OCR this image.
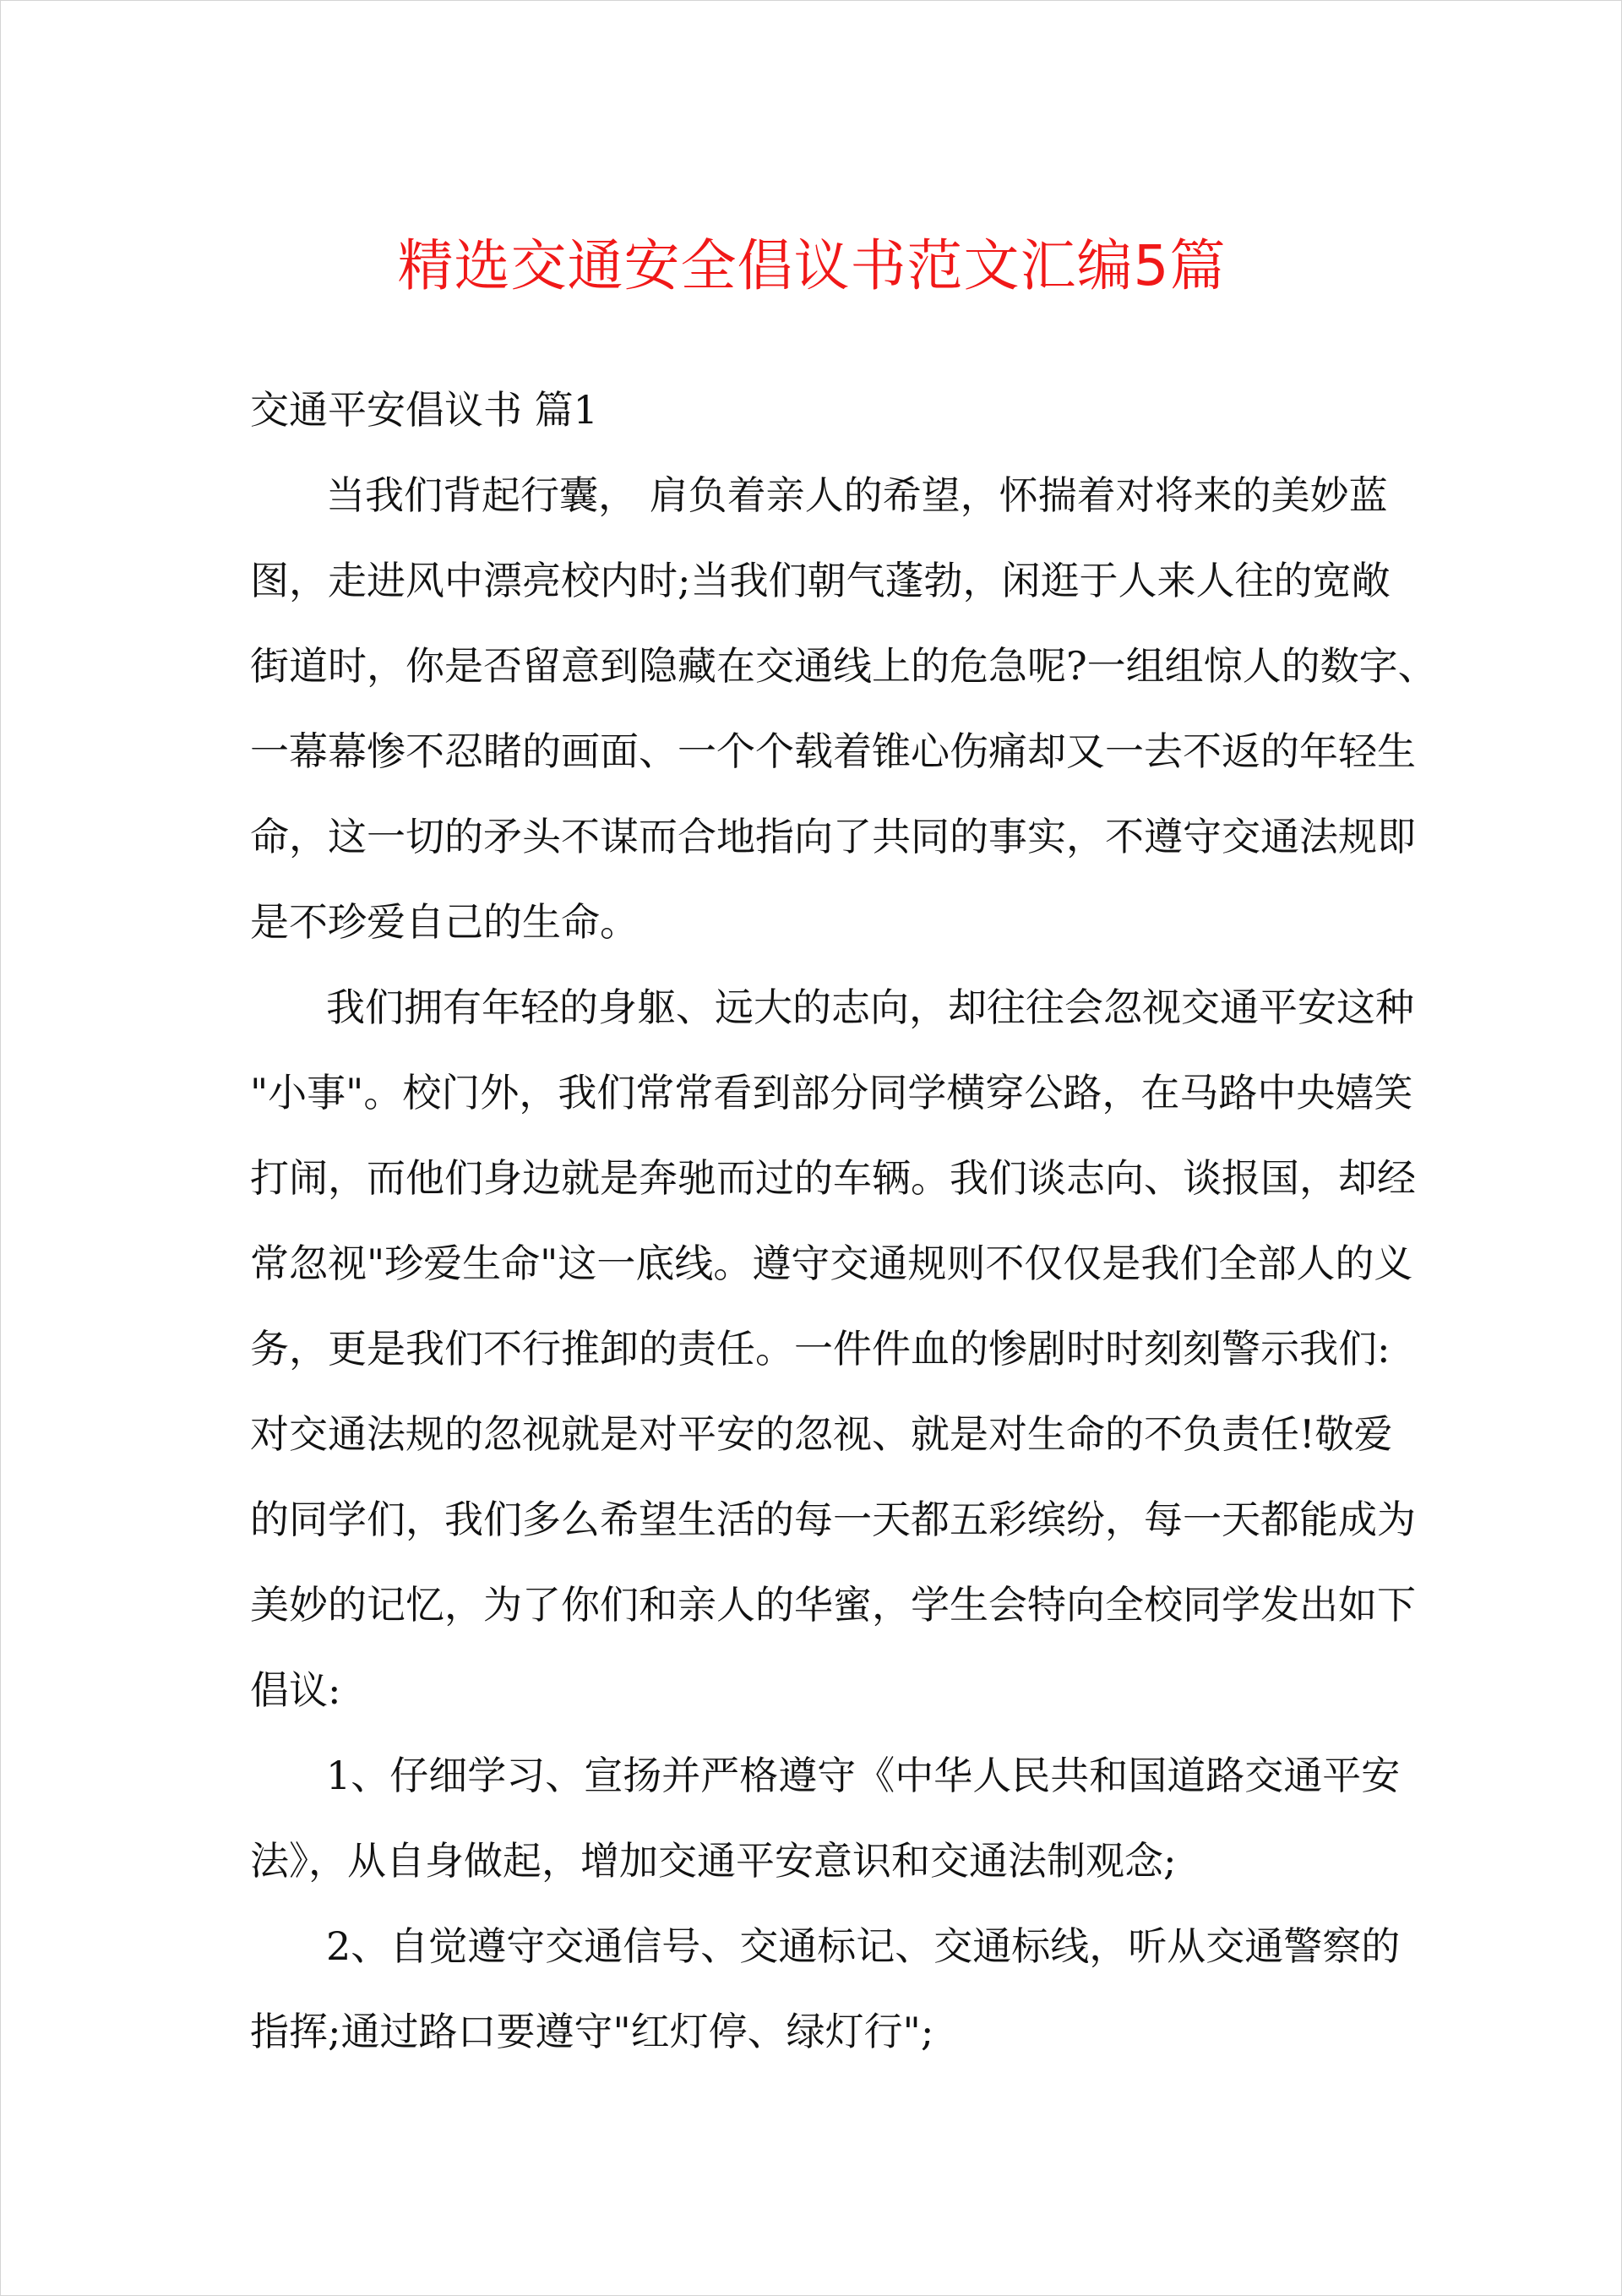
精选交通安全倡议书范文汇编5篇
交通平安倡议书 篇1
当我们背起行囊， 肩负着亲人的希望，怀揣着对将来的美妙蓝
图，走进风中漂亮校内时;当我们朝气蓬勃，闲逛于人来人往的宽敞
街道时，你是否留意到隐藏在交通线上的危急呢?一组组惊人的数字、
一幕幕惨不忍睹的画面、一个个载着锥心伤痛却又一去不返的年轻生
命，这一切的矛头不谋而合地指向了共同的事实，不遵守交通法规即
是不珍爱自己的生命。
我们拥有年轻的身躯、远大的志向，却往往会忽视交通平安这种
"小事"。校门外，我们常常看到部分同学横穿公路，在马路中央嬉笑
打闹，而他们身边就是奔驰而过的车辆。我们谈志向、谈报国，却经
常忽视"珍爱生命"这一底线。遵守交通规则不仅仅是我们全部人的义
务，更是我们不行推卸的责任。一件件血的惨剧时时刻刻警示我们:
对交通法规的忽视就是对平安的忽视、就是对生命的不负责任!敬爱
的同学们，我们多么希望生活的每一天都五彩缤纷，每一天都能成为
美妙的记忆，为了你们和亲人的华蜜，学生会特向全校同学发出如下
倡议:
1、仔细学习、宣扬并严格遵守《中华人民共和国道路交通平安
法》，从自身做起，增加交通平安意识和交通法制观念;
2、自觉遵守交通信号、交通标记、交通标线，听从交通警察的
指挥;通过路口要遵守"红灯停、绿灯行";
